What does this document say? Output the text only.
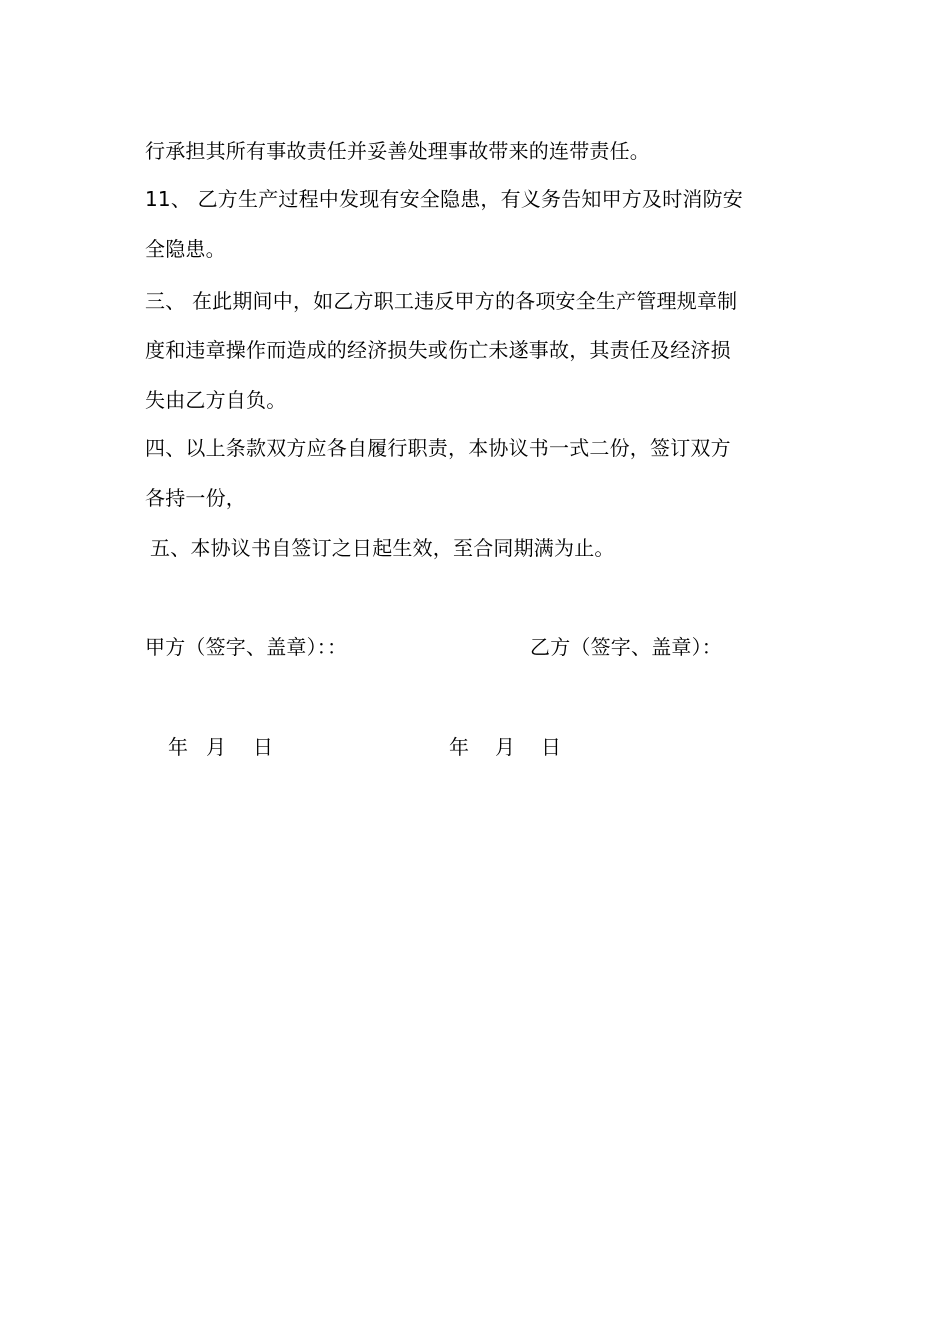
行承担其所有事故责任并妥善处理事故带来的连带责任。
11、 乙方生产过程中发现有安全隐患，有义务告知甲方及时消防安
全隐患。
三、 在此期间中，如乙方职工违反甲方的各项安全生产管理规章制
度和违章操作而造成的经济损失或伤亡未遂事故，其责任及经济损
失由乙方自负。
四、以上条款双方应各自履行职责，本协议书一式二份，签订双方
各持一份，
五、本协议书自签订之日起生效，至合同期满为止。
甲方（签字、盖章）：：	乙方（签字、盖章）：
年 月 日	年 月 日
